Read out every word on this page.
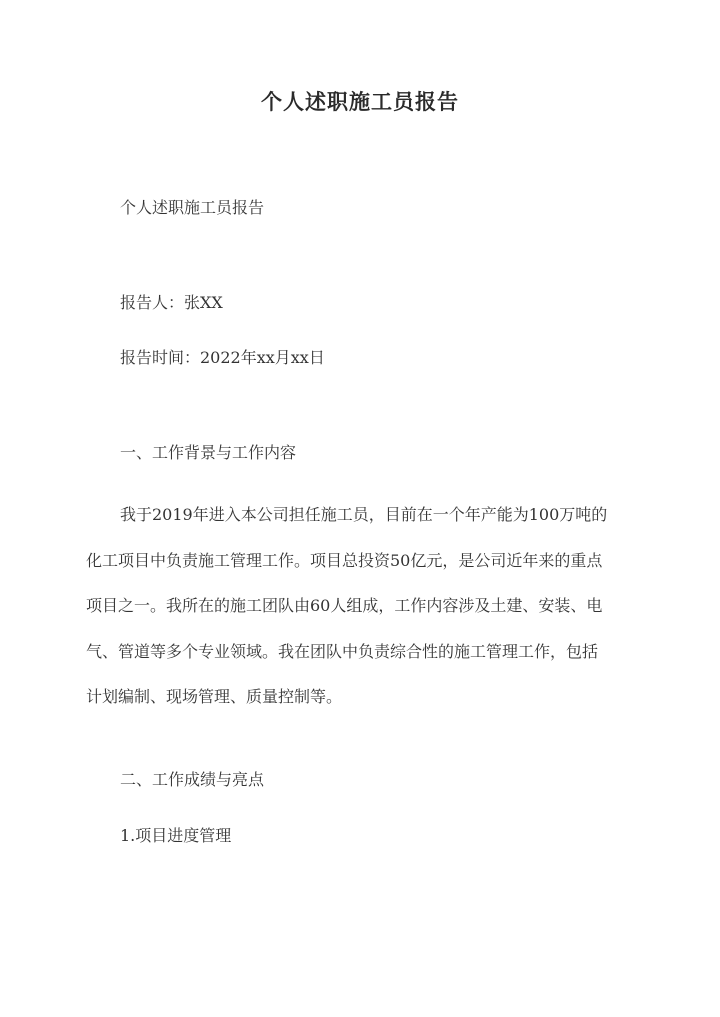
个人述职施工员报告
个人述职施工员报告
报告人：张XX
报告时间：2022年xx月xx日
一、工作背景与工作内容
我于2019年进入本公司担任施工员，目前在一个年产能为100万吨的
化工项目中负责施工管理工作。项目总投资50亿元，是公司近年来的重点
项目之一。我所在的施工团队由60人组成，工作内容涉及土建、安装、电
气、管道等多个专业领域。我在团队中负责综合性的施工管理工作，包括
计划编制、现场管理、质量控制等。
二、工作成绩与亮点
1.项目进度管理
